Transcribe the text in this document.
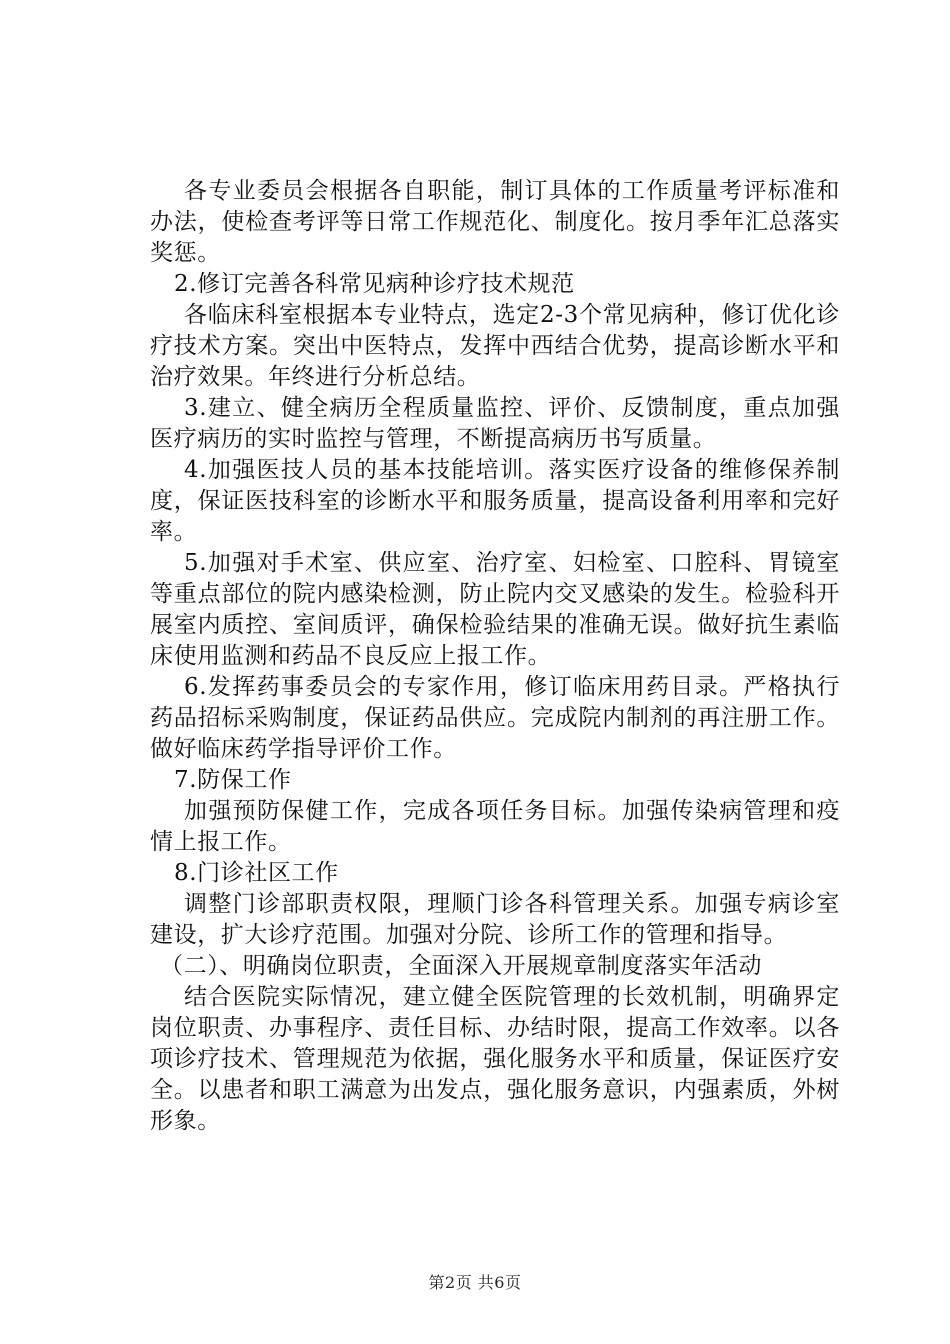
各专业委员会根据各自职能，制订具体的工作质量考评标准和办法，使检查考评等日常工作规范化、制度化。按月季年汇总落实奖惩。

2.修订完善各科常见病种诊疗技术规范

各临床科室根据本专业特点，选定2-3个常见病种，修订优化诊疗技术方案。突出中医特点，发挥中西结合优势，提高诊断水平和治疗效果。年终进行分析总结。

3.建立、健全病历全程质量监控、评价、反馈制度，重点加强医疗病历的实时监控与管理，不断提高病历书写质量。

4.加强医技人员的基本技能培训。落实医疗设备的维修保养制度，保证医技科室的诊断水平和服务质量，提高设备利用率和完好率。

5.加强对手术室、供应室、治疗室、妇检室、口腔科、胃镜室等重点部位的院内感染检测，防止院内交叉感染的发生。检验科开展室内质控、室间质评，确保检验结果的准确无误。做好抗生素临床使用监测和药品不良反应上报工作。

6.发挥药事委员会的专家作用，修订临床用药目录。严格执行药品招标采购制度，保证药品供应。完成院内制剂的再注册工作。做好临床药学指导评价工作。

7.防保工作

加强预防保健工作，完成各项任务目标。加强传染病管理和疫情上报工作。

8.门诊社区工作

调整门诊部职责权限，理顺门诊各科管理关系。加强专病诊室建设，扩大诊疗范围。加强对分院、诊所工作的管理和指导。

（二）、明确岗位职责，全面深入开展规章制度落实年活动

结合医院实际情况，建立健全医院管理的长效机制，明确界定岗位职责、办事程序、责任目标、办结时限，提高工作效率。以各项诊疗技术、管理规范为依据，强化服务水平和质量，保证医疗安全。以患者和职工满意为出发点，强化服务意识，内强素质，外树形象。

第2页 共6页
